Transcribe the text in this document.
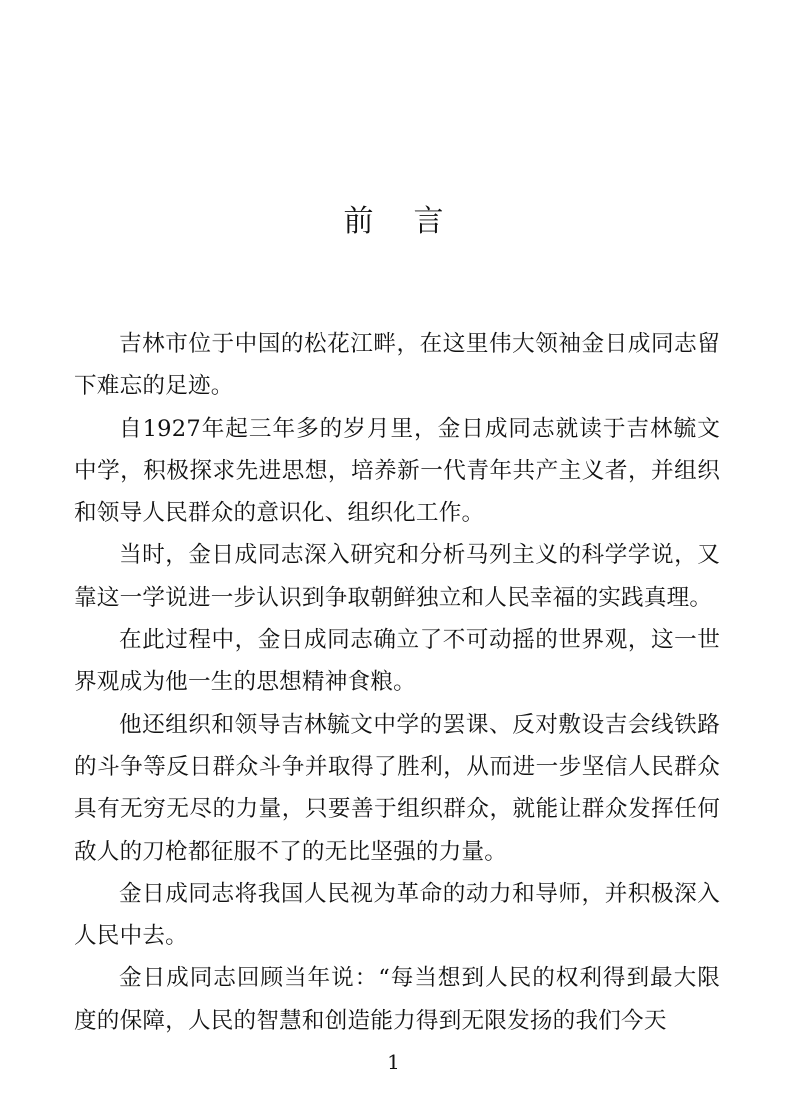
前言

吉林市位于中国的松花江畔，在这里伟大领袖金日成同志留下难忘的足迹。

自1927年起三年多的岁月里，金日成同志就读于吉林毓文中学，积极探求先进思想，培养新一代青年共产主义者，并组织和领导人民群众的意识化、组织化工作。

当时，金日成同志深入研究和分析马列主义的科学学说，又靠这一学说进一步认识到争取朝鲜独立和人民幸福的实践真理。

在此过程中，金日成同志确立了不可动摇的世界观，这一世界观成为他一生的思想精神食粮。

他还组织和领导吉林毓文中学的罢课、反对敷设吉会线铁路的斗争等反日群众斗争并取得了胜利，从而进一步坚信人民群众具有无穷无尽的力量，只要善于组织群众，就能让群众发挥任何敌人的刀枪都征服不了的无比坚强的力量。

金日成同志将我国人民视为革命的动力和导师，并积极深入人民中去。

金日成同志回顾当年说：“每当想到人民的权利得到最大限度的保障，人民的智慧和创造能力得到无限发扬的我们今天

1
